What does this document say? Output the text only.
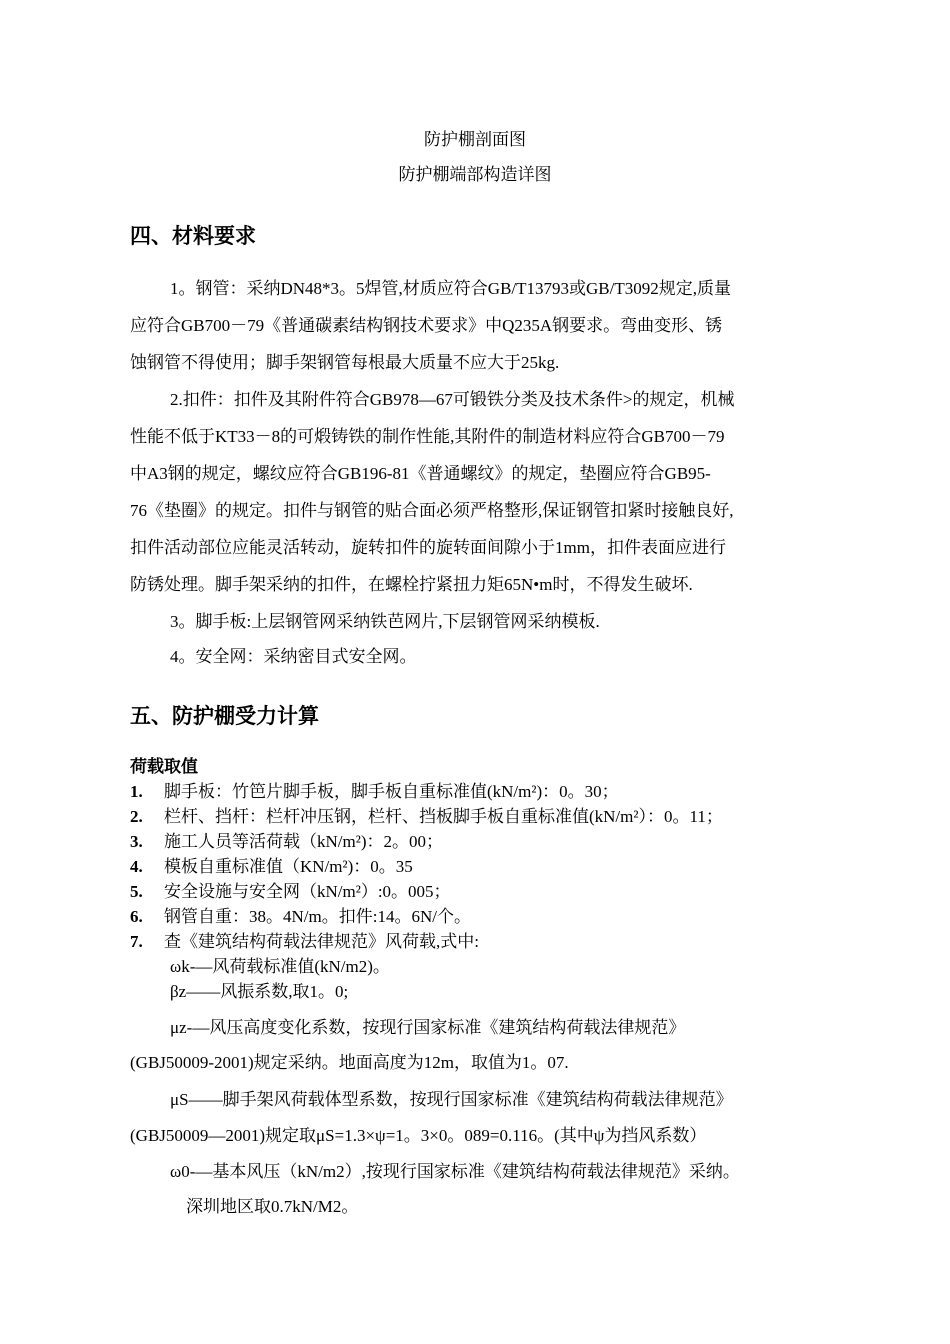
防护棚剖面图
防护棚端部构造详图
四、材料要求
1。钢管：采纳DN48*3。5焊管,材质应符合GB/T13793或GB/T3092规定,质量
应符合GB700－79《普通碳素结构钢技术要求》中Q235A钢要求。弯曲变形、锈
蚀钢管不得使用；脚手架钢管每根最大质量不应大于25kg.
2.扣件：扣件及其附件符合GB978—67可锻铁分类及技术条件>的规定，机械
性能不低于KT33－8的可煅铸铁的制作性能,其附件的制造材料应符合GB700－79
中A3钢的规定，螺纹应符合GB196-81《普通螺纹》的规定，垫圈应符合GB95-
76《垫圈》的规定。扣件与钢管的贴合面必须严格整形,保证钢管扣紧时接触良好,
扣件活动部位应能灵活转动，旋转扣件的旋转面间隙小于1mm，扣件表面应进行
防锈处理。脚手架采纳的扣件，在螺栓拧紧扭力矩65N•m时，不得发生破坏.
3。脚手板:上层钢管网采纳铁芭网片,下层钢管网采纳模板.
4。安全网：采纳密目式安全网。
五、防护棚受力计算
荷载取值
1. 脚手板：竹笆片脚手板，脚手板自重标准值(kN/m²)：0。30；
2. 栏杆、挡杆：栏杆冲压钢，栏杆、挡板脚手板自重标准值(kN/m²）：0。11；
3. 施工人员等活荷载（kN/m²)：2。00；
4. 模板自重标准值（KN/m²)：0。35
5. 安全设施与安全网（kN/m²）:0。005；
6. 钢管自重：38。4N/m。扣件:14。6N/个。
7. 查《建筑结构荷载法律规范》风荷载,式中:
ωk-—风荷载标准值(kN/m2)。
βz——风振系数,取1。0;
μz-—风压高度变化系数，按现行国家标准《建筑结构荷载法律规范》
(GBJ50009-2001)规定采纳。地面高度为12m，取值为1。07.
μS——脚手架风荷载体型系数，按现行国家标准《建筑结构荷载法律规范》
(GBJ50009—2001)规定取μS=1.3×ψ=1。3×0。089=0.116。(其中ψ为挡风系数）
ω0-—基本风压（kN/m2）,按现行国家标准《建筑结构荷载法律规范》采纳。
深圳地区取0.7kN/M2。
